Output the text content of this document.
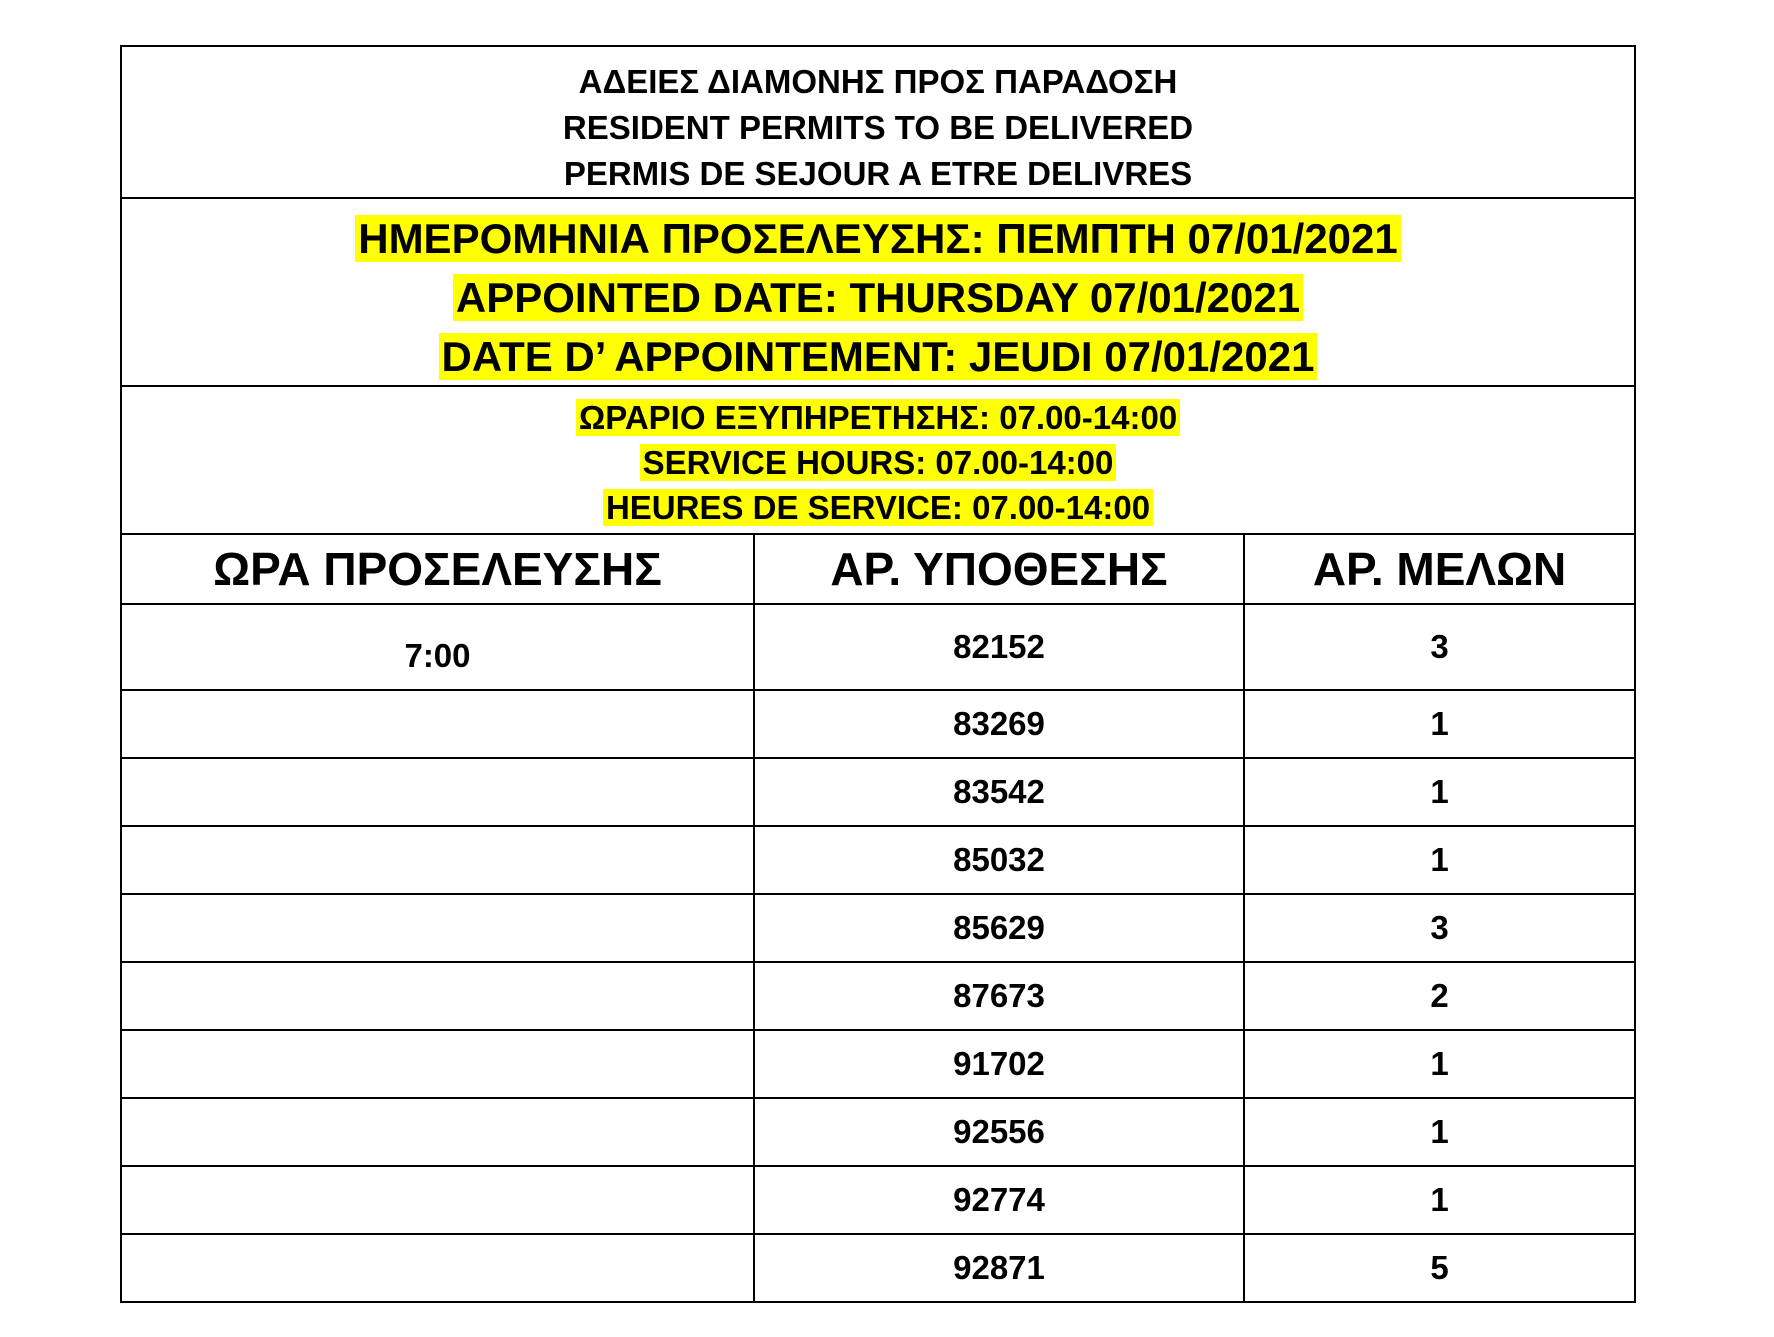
ΑΔΕΙΕΣ ΔΙΑΜΟΝΗΣ ΠΡΟΣ ΠΑΡΑΔΟΣΗ
RESIDENT PERMITS TO BE DELIVERED
PERMIS DE SEJOUR A ETRE DELIVRES
ΗΜΕΡΟΜΗΝΙΑ ΠΡΟΣΕΛΕΥΣΗΣ: ΠΕΜΠΤΗ 07/01/2021
APPOINTED DATE: THURSDAY 07/01/2021
DATE D’ APPOINTEMENT: JEUDI 07/01/2021
ΩΡΑΡΙΟ ΕΞΥΠΗΡΕΤΗΣΗΣ: 07.00-14:00
SERVICE HOURS: 07.00-14:00
HEURES DE SERVICE: 07.00-14:00
ΩΡΑ ΠΡΟΣΕΛΕΥΣΗΣ	ΑΡ. ΥΠΟΘΕΣΗΣ	ΑΡ. ΜΕΛΩΝ
7:00	82152	3
	83269	1
	83542	1
	85032	1
	85629	3
	87673	2
	91702	1
	92556	1
	92774	1
	92871	5
